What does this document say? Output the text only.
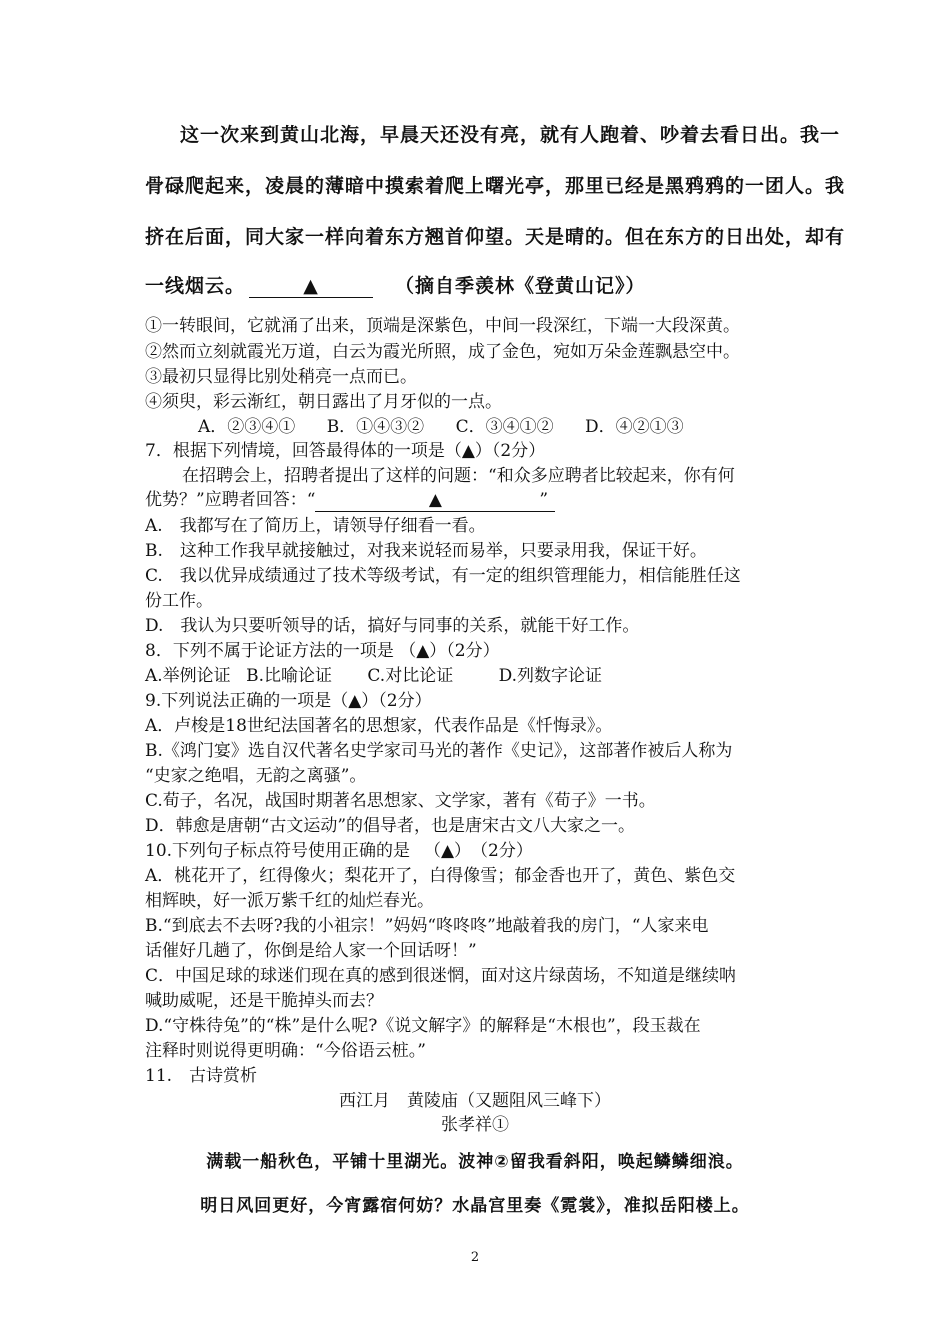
这一次来到黄山北海，早晨天还没有亮，就有人跑着、吵着去看日出。我一
骨碌爬起来，凌晨的薄暗中摸索着爬上曙光亭，那里已经是黑鸦鸦的一团人。我
挤在后面，同大家一样向着东方翘首仰望。天是晴的。但在东方的日出处，却有
一线烟云。	▲	（摘自季羡林《登黄山记》）
①一转眼间，它就涌了出来，顶端是深紫色，中间一段深红，下端一大段深黄。
②然而立刻就霞光万道，白云为霞光所照，成了金色，宛如万朵金莲飘悬空中。
③最初只显得比别处稍亮一点而已。
④须臾，彩云渐红，朝日露出了月牙似的一点。
A．②③④① B．①④③② C．③④①② D．④②①③
7．根据下列情境，回答最得体的一项是（▲）（2分）
在招聘会上，招聘者提出了这样的问题：“和众多应聘者比较起来，你有何
优势？”应聘者回答：“	▲	”
A.　我都写在了简历上，请领导仔细看一看。
B.　这种工作我早就接触过，对我来说轻而易举，只要录用我，保证干好。
C.　我以优异成绩通过了技术等级考试，有一定的组织管理能力，相信能胜任这
份工作。
D.　我认为只要听领导的话，搞好与同事的关系，就能干好工作。
8．下列不属于论证方法的一项是 （▲）（2分）
A.举例论证 B.比喻论证 C.对比论证	D.列数字论证
9.下列说法正确的一项是（▲）（2分）
A．卢梭是18世纪法国著名的思想家，代表作品是《忏悔录》。
B.《鸿门宴》选自汉代著名史学家司马光的著作《史记》，这部著作被后人称为
“史家之绝唱，无韵之离骚”。
C.荀子，名况，战国时期著名思想家、文学家，著有《荀子》一书。
D．韩愈是唐朝“古文运动”的倡导者，也是唐宋古文八大家之一。
10.下列句子标点符号使用正确的是 　（▲）　（2分）
A．桃花开了，红得像火；梨花开了，白得像雪；郁金香也开了，黄色、紫色交
相辉映，好一派万紫千红的灿烂春光。
B.“到底去不去呀?我的小祖宗！”妈妈“咚咚咚”地敲着我的房门，“人家来电
话催好几趟了，你倒是给人家一个回话呀！”
C．中国足球的球迷们现在真的感到很迷惘，面对这片绿茵场，不知道是继续呐
喊助威呢，还是干脆掉头而去？
D.“守株待兔”的“株”是什么呢?《说文解字》的解释是“木根也”，段玉裁在
注释时则说得更明确：“今俗语云桩。”
11.　古诗赏析
西江月　黄陵庙（又题阻风三峰下）
张孝祥①
满载一船秋色，平铺十里湖光。波神②留我看斜阳，唤起鳞鳞细浪。
明日风回更好，今宵露宿何妨？水晶宫里奏《霓裳》，准拟岳阳楼上。
2
